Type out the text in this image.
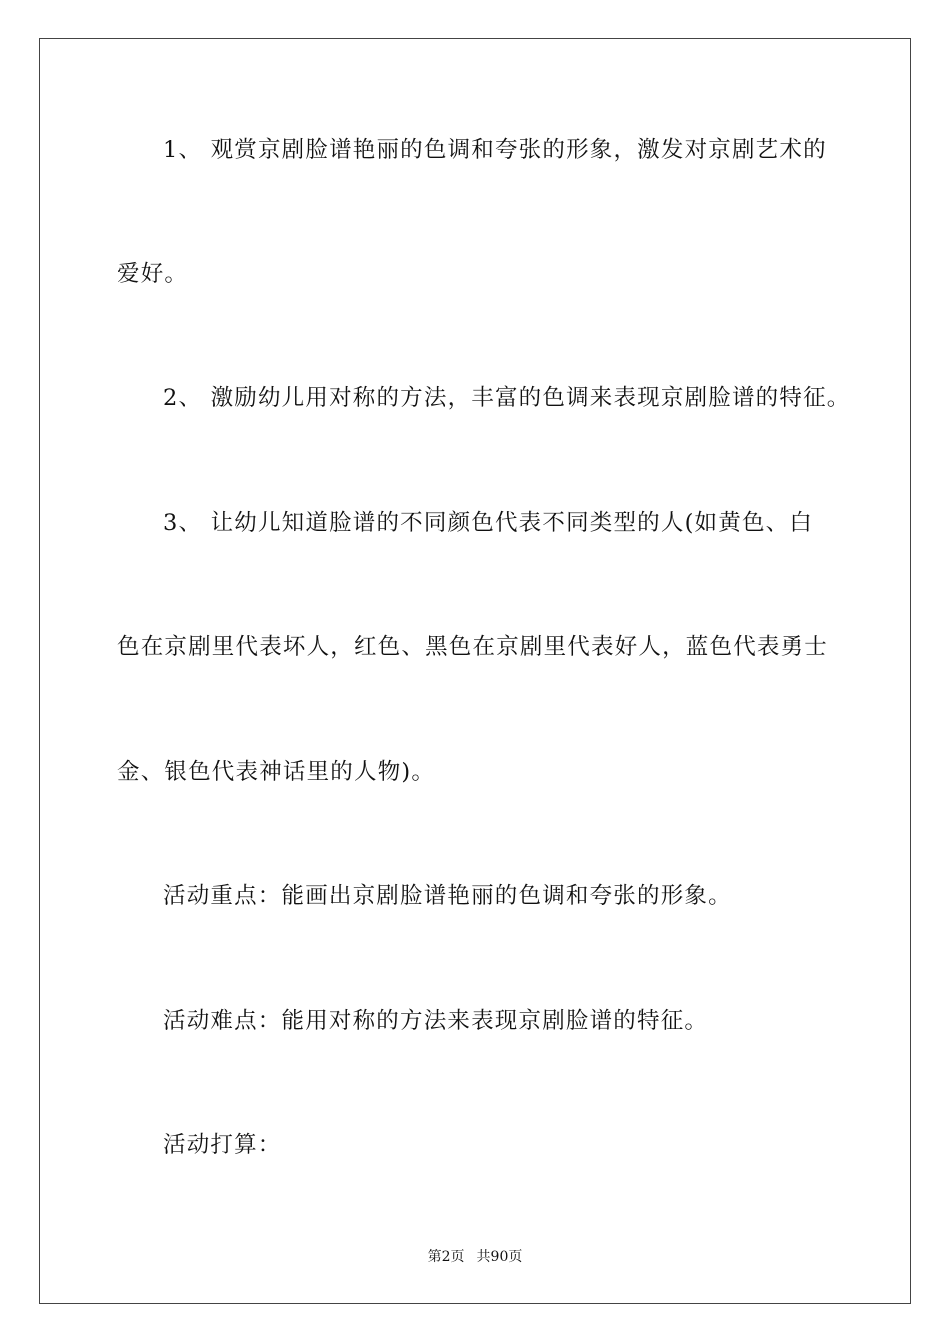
1、 观赏京剧脸谱艳丽的色调和夸张的形象，激发对京剧艺术的
爱好。
2、 激励幼儿用对称的方法，丰富的色调来表现京剧脸谱的特征。
3、 让幼儿知道脸谱的不同颜色代表不同类型的人(如黄色、白
色在京剧里代表坏人，红色、黑色在京剧里代表好人，蓝色代表勇士
金、银色代表神话里的人物)。
活动重点：能画出京剧脸谱艳丽的色调和夸张的形象。
活动难点：能用对称的方法来表现京剧脸谱的特征。
活动打算：
第2页 共90页
